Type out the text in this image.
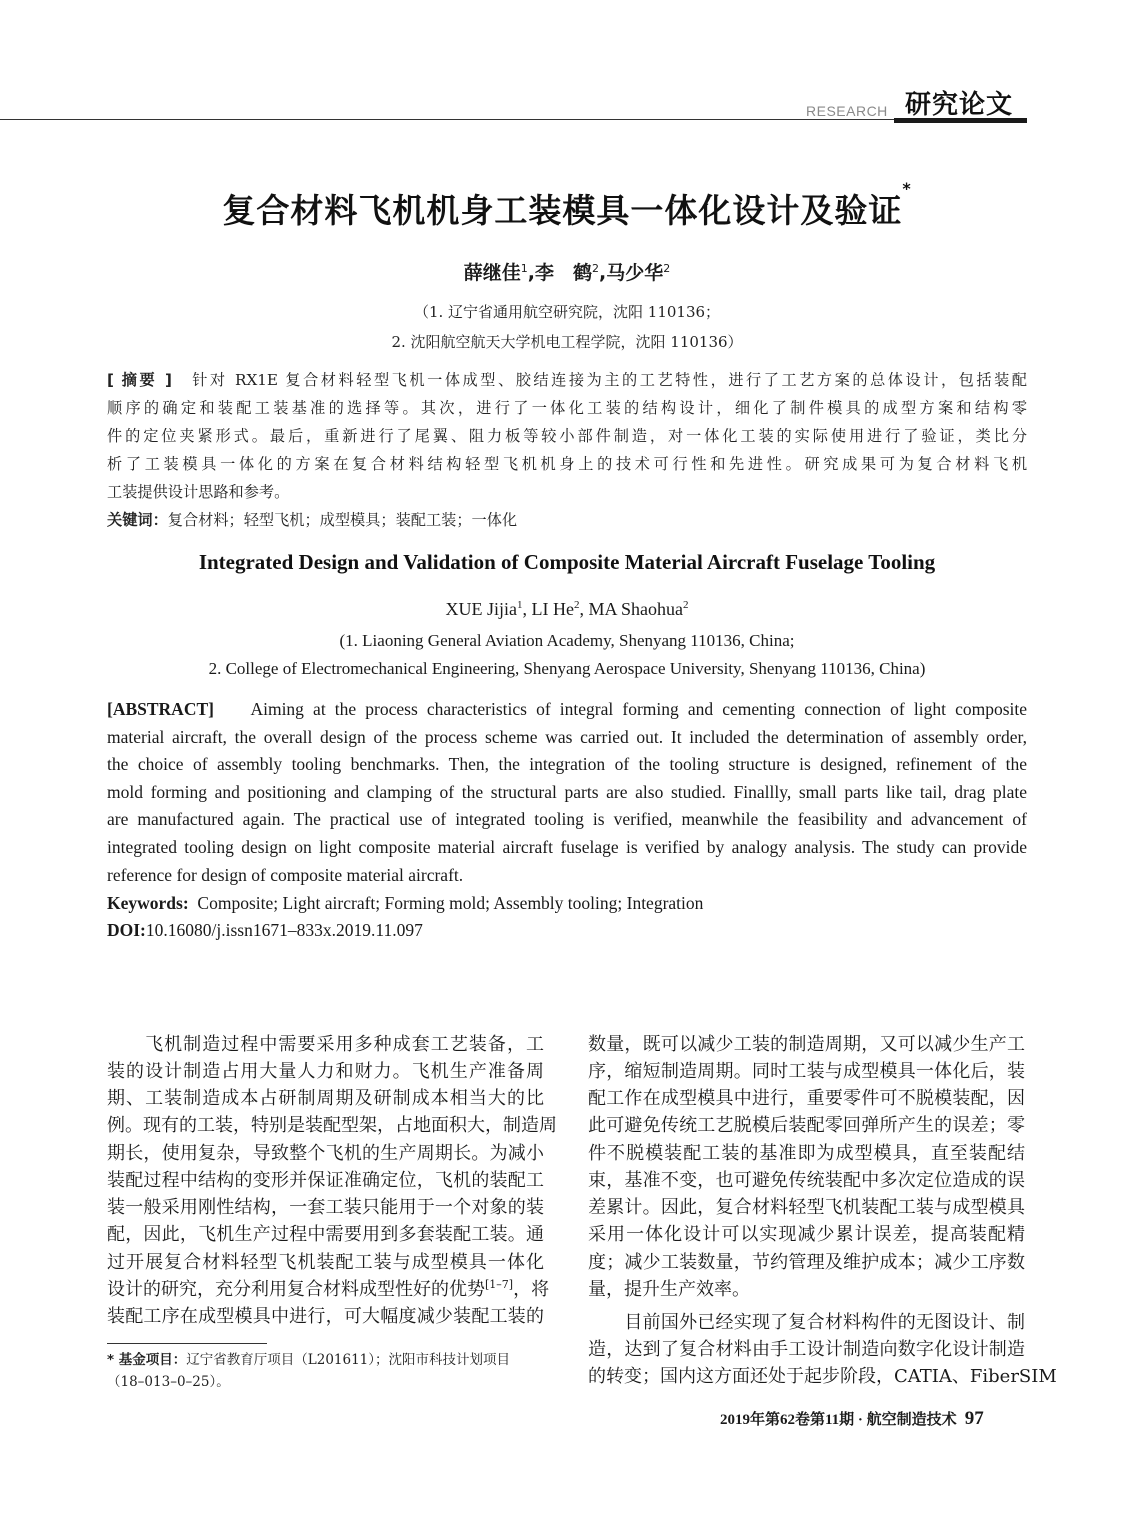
RESEARCH 研究论文
复合材料飞机机身工装模具一体化设计及验证*
薛继佳$^1$,李　鹤$^2$,马少华$^2$
（1. 辽宁省通用航空研究院，沈阳 110136；
2. 沈阳航空航天大学机电工程学院，沈阳 110136）
[ 摘要 ]　 针对 RX1E 复合材料轻型飞机一体成型、胶结连接为主的工艺特性，进行了工艺方案的总体设计，包括装配
顺序的确定和装配工装基准的选择等。其次，进行了一体化工装的结构设计，细化了制件模具的成型方案和结构零
件的定位夹紧形式。最后，重新进行了尾翼、阻力板等较小部件制造，对一体化工装的实际使用进行了验证，类比分
析了工装模具一体化的方案在复合材料结构轻型飞机机身上的技术可行性和先进性。研究成果可为复合材料飞机
工装提供设计思路和参考。
关键词：复合材料；轻型飞机；成型模具；装配工装；一体化
Integrated Design and Validation of Composite Material Aircraft Fuselage Tooling
XUE Jijia$^1$, LI He$^2$, MA Shaohua$^2$
(1. Liaoning General Aviation Academy, Shenyang 110136, China;
2. College of Electromechanical Engineering, Shenyang Aerospace University, Shenyang 110136, China)
[ABSTRACT] Aiming at the process characteristics of integral forming and cementing connection of light composite
material aircraft, the overall design of the process scheme was carried out. It included the determination of assembly order,
the choice of assembly tooling benchmarks. Then, the integration of the tooling structure is designed, refinement of the
mold forming and positioning and clamping of the structural parts are also studied. Finallly, small parts like tail, drag plate
are manufactured again. The practical use of integrated tooling is verified, meanwhile the feasibility and advancement of
integrated tooling design on light composite material aircraft fuselage is verified by analogy analysis. The study can provide
reference for design of composite material aircraft.
Keywords: Composite; Light aircraft; Forming mold; Assembly tooling; Integration
DOI:10.16080/j.issn1671–833x.2019.11.097
　　飞机制造过程中需要采用多种成套工艺装备，工
装的设计制造占用大量人力和财力。飞机生产准备周
期、工装制造成本占研制周期及研制成本相当大的比
例。现有的工装，特别是装配型架，占地面积大，制造周
期长，使用复杂，导致整个飞机的生产周期长。为减小
装配过程中结构的变形并保证准确定位，飞机的装配工
装一般采用刚性结构，一套工装只能用于一个对象的装
配，因此，飞机生产过程中需要用到多套装配工装。通
过开展复合材料轻型飞机装配工装与成型模具一体化
设计的研究，充分利用复合材料成型性好的优势[1–7]，将
装配工序在成型模具中进行，可大幅度减少装配工装的
* 基金项目：辽宁省教育厅项目（L201611）；沈阳市科技计划项目
（18–013–0–25）。
数量，既可以减少工装的制造周期，又可以减少生产工
序，缩短制造周期。同时工装与成型模具一体化后，装
配工作在成型模具中进行，重要零件可不脱模装配，因
此可避免传统工艺脱模后装配零回弹所产生的误差；零
件不脱模装配工装的基准即为成型模具，直至装配结
束，基准不变，也可避免传统装配中多次定位造成的误
差累计。因此，复合材料轻型飞机装配工装与成型模具
采用一体化设计可以实现减少累计误差，提高装配精
度；减少工装数量，节约管理及维护成本；减少工序数
量，提升生产效率。
　　目前国外已经实现了复合材料构件的无图设计、制
造，达到了复合材料由手工设计制造向数字化设计制造
的转变；国内这方面还处于起步阶段，CATIA、FiberSIM
2019年第62卷第11期 · 航空制造技术 97
